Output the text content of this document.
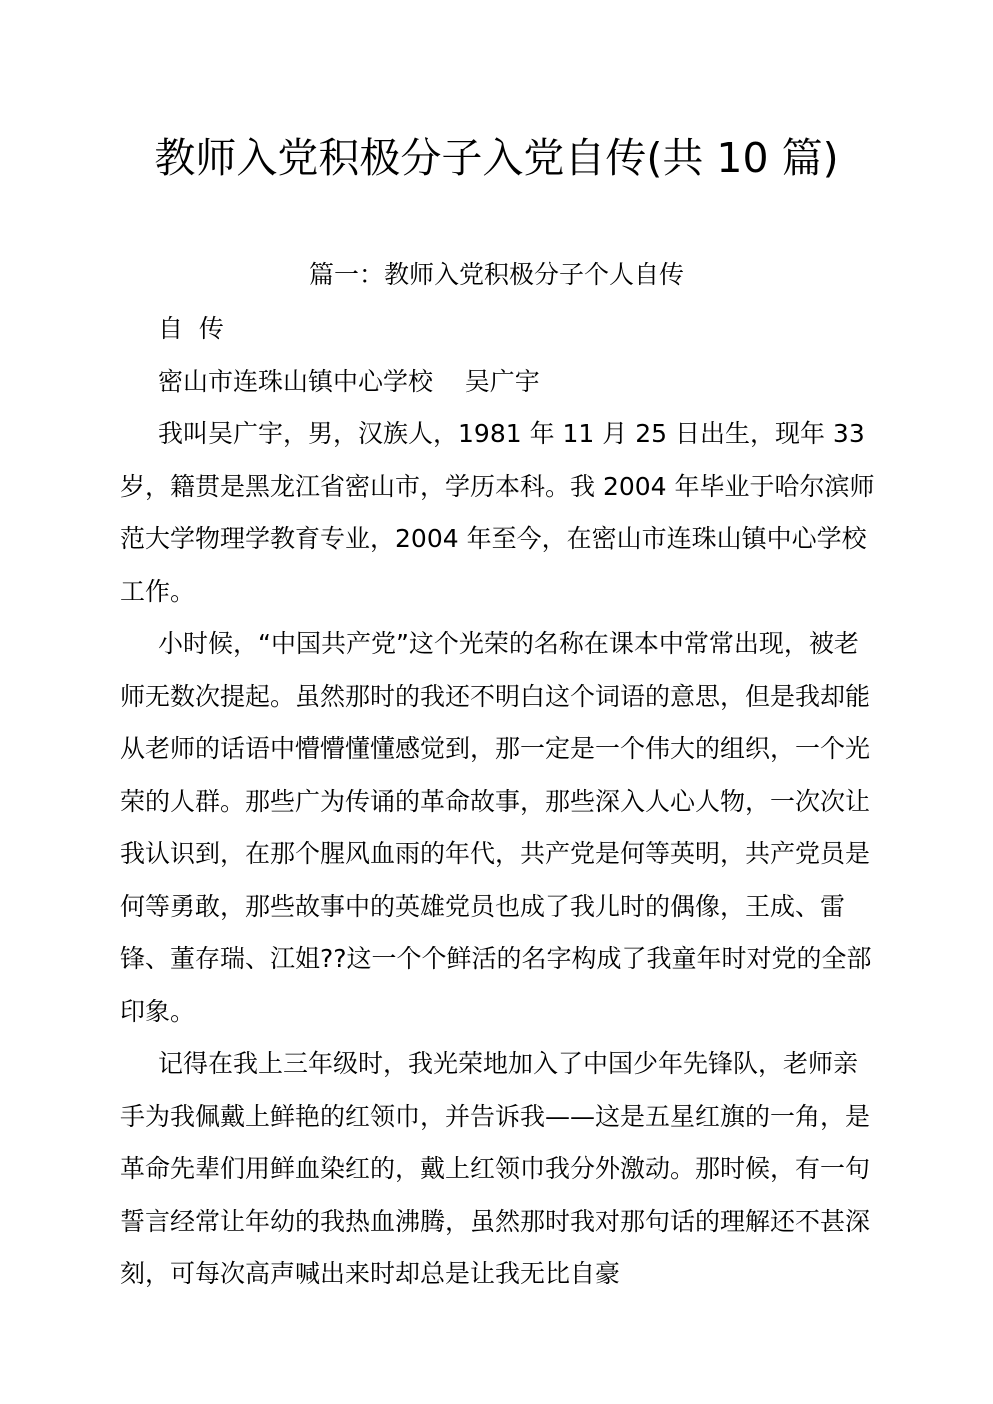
教师入党积极分子入党自传(共 10 篇)
篇一：教师入党积极分子个人自传

自  传

密山市连珠山镇中心学校    吴广宇

我叫吴广宇，男，汉族人，1981 年 11 月 25 日出生，现年 33 岁，籍贯是黑龙江省密山市，学历本科。我 2004 年毕业于哈尔滨师范大学物理学教育专业，2004 年至今，在密山市连珠山镇中心学校工作。

小时候，“中国共产党”这个光荣的名称在课本中常常出现，被老师无数次提起。虽然那时的我还不明白这个词语的意思，但是我却能从老师的话语中懵懵懂懂感觉到，那一定是一个伟大的组织，一个光荣的人群。那些广为传诵的革命故事，那些深入人心人物，一次次让我认识到，在那个腥风血雨的年代，共产党是何等英明，共产党员是何等勇敢，那些故事中的英雄党员也成了我儿时的偶像，王成、雷锋、董存瑞、江姐??这一个个鲜活的名字构成了我童年时对党的全部印象。

记得在我上三年级时，我光荣地加入了中国少年先锋队，老师亲手为我佩戴上鲜艳的红领巾，并告诉我——这是五星红旗的一角，是革命先辈们用鲜血染红的，戴上红领巾我分外激动。那时候，有一句誓言经常让年幼的我热血沸腾，虽然那时我对那句话的理解还不甚深刻，可每次高声喊出来时却总是让我无比自豪
